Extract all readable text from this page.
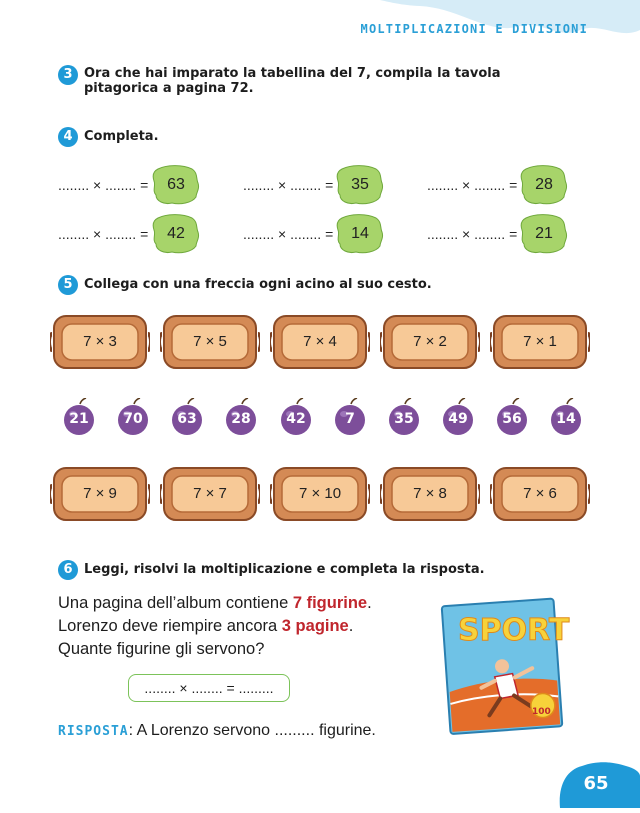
MOLTIPLICAZIONI E DIVISIONI
3 Ora che hai imparato la tabellina del 7, compila la tavola
pitagorica a pagina 72.
4 Completa.
........ × ........ =	63	........ × ........ =	35	........ × ........ =	28
........ × ........ =	42	........ × ........ =	14	........ × ........ =	21
5 Collega con una freccia ogni acino al suo cesto.
7 × 3	7 × 5	7 × 4	7 × 2	7 × 1
21	70	63	28	42	7	35	49	56	14
7 × 9	7 × 7	7 × 10	7 × 8	7 × 6
6 Leggi, risolvi la moltiplicazione e completa la risposta.
Una pagina dell’album contiene 7 figurine.
Lorenzo deve riempire ancora 3 pagine.
Quante figurine gli servono?
........ × ........ = .........
RISPOSTA: A Lorenzo servono ......... figurine.
SPORT
100
65
